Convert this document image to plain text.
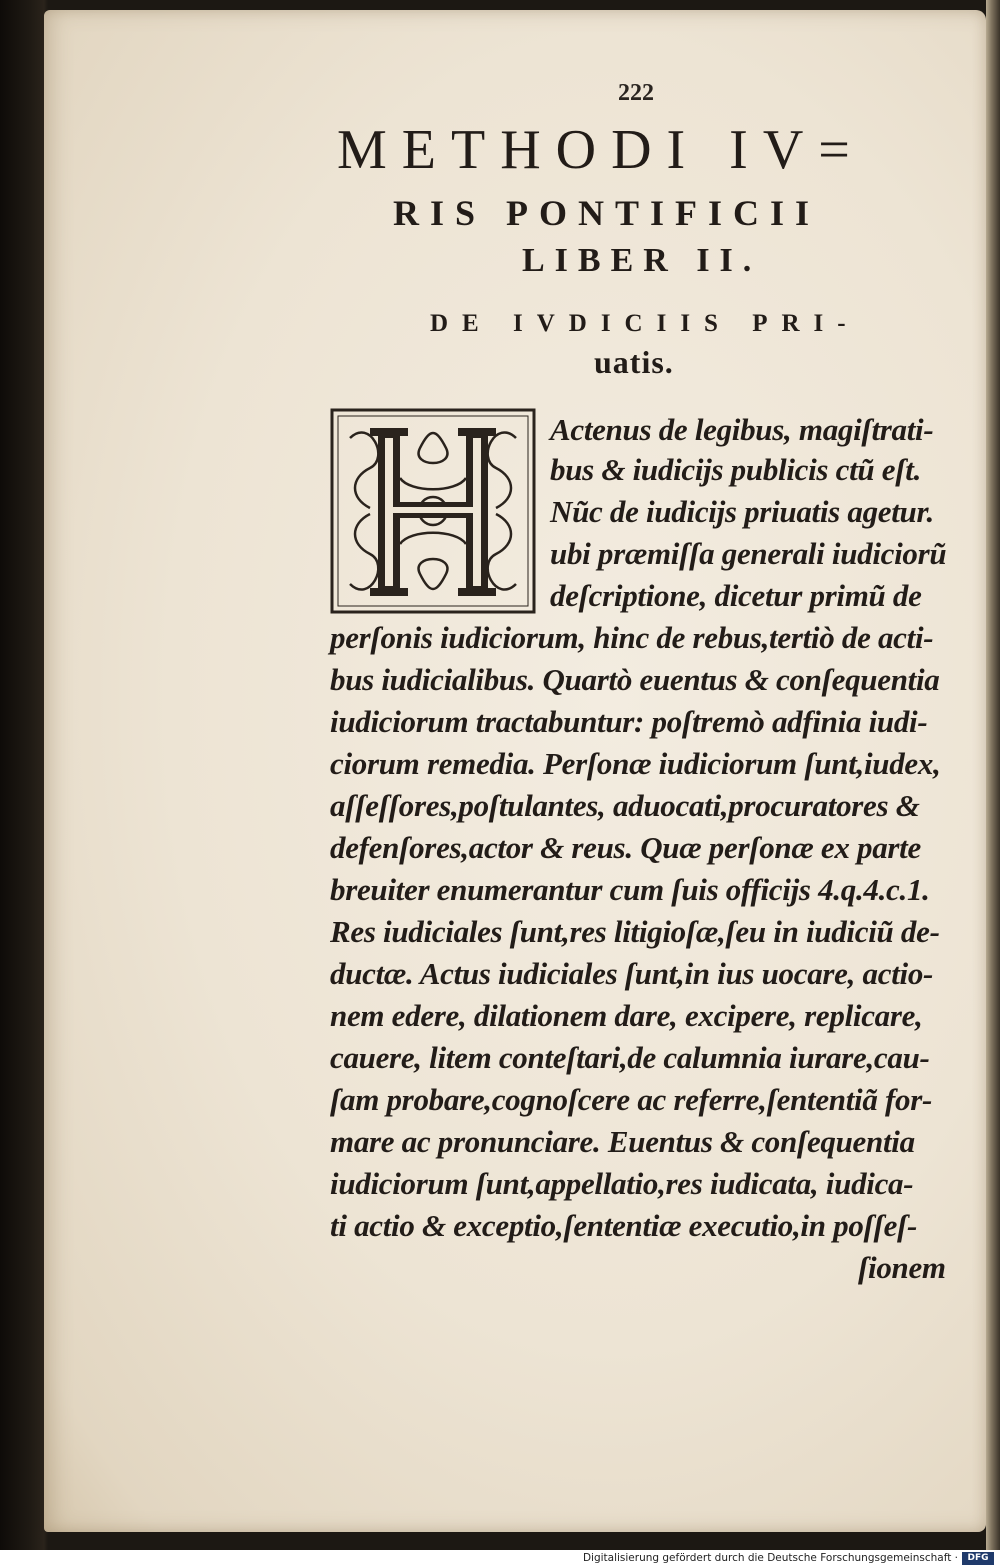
222
METHODI IV=
RIS PONTIFICII
LIBER II.
DE IVDICIIS PRI-
uatis.
Actenus de legibus, magiſtrati-
bus & iudicijs publicis ctũ eſt.
Nũc de iudicijs priuatis agetur.
ubi præmiſſa generali iudiciorũ
deſcriptione, dicetur primũ de
perſonis iudiciorum, hinc de rebus,tertiò de acti-
bus iudicialibus. Quartò euentus & conſequentia
iudiciorum tractabuntur: poſtremò adfinia iudi-
ciorum remedia. Perſonæ iudiciorum ſunt,iudex,
aſſeſſores,poſtulantes, aduocati,procuratores &
defenſores,actor & reus. Quæ perſonæ ex parte
breuiter enumerantur cum ſuis officijs 4.q.4.c.1.
Res iudiciales ſunt,res litigioſæ,ſeu in iudiciũ de-
ductæ. Actus iudiciales ſunt,in ius uocare, actio-
nem edere, dilationem dare, excipere, replicare,
cauere, litem conteſtari,de calumnia iurare,cau-
ſam probare,cognoſcere ac referre,ſententiã for-
mare ac pronunciare. Euentus & conſequentia
iudiciorum ſunt,appellatio,res iudicata, iudica-
ti actio & exceptio,ſententiæ executio,in poſſeſ-
ſionem
Digitalisierung gefördert durch die Deutsche Forschungsgemeinschaft ·	DFG
